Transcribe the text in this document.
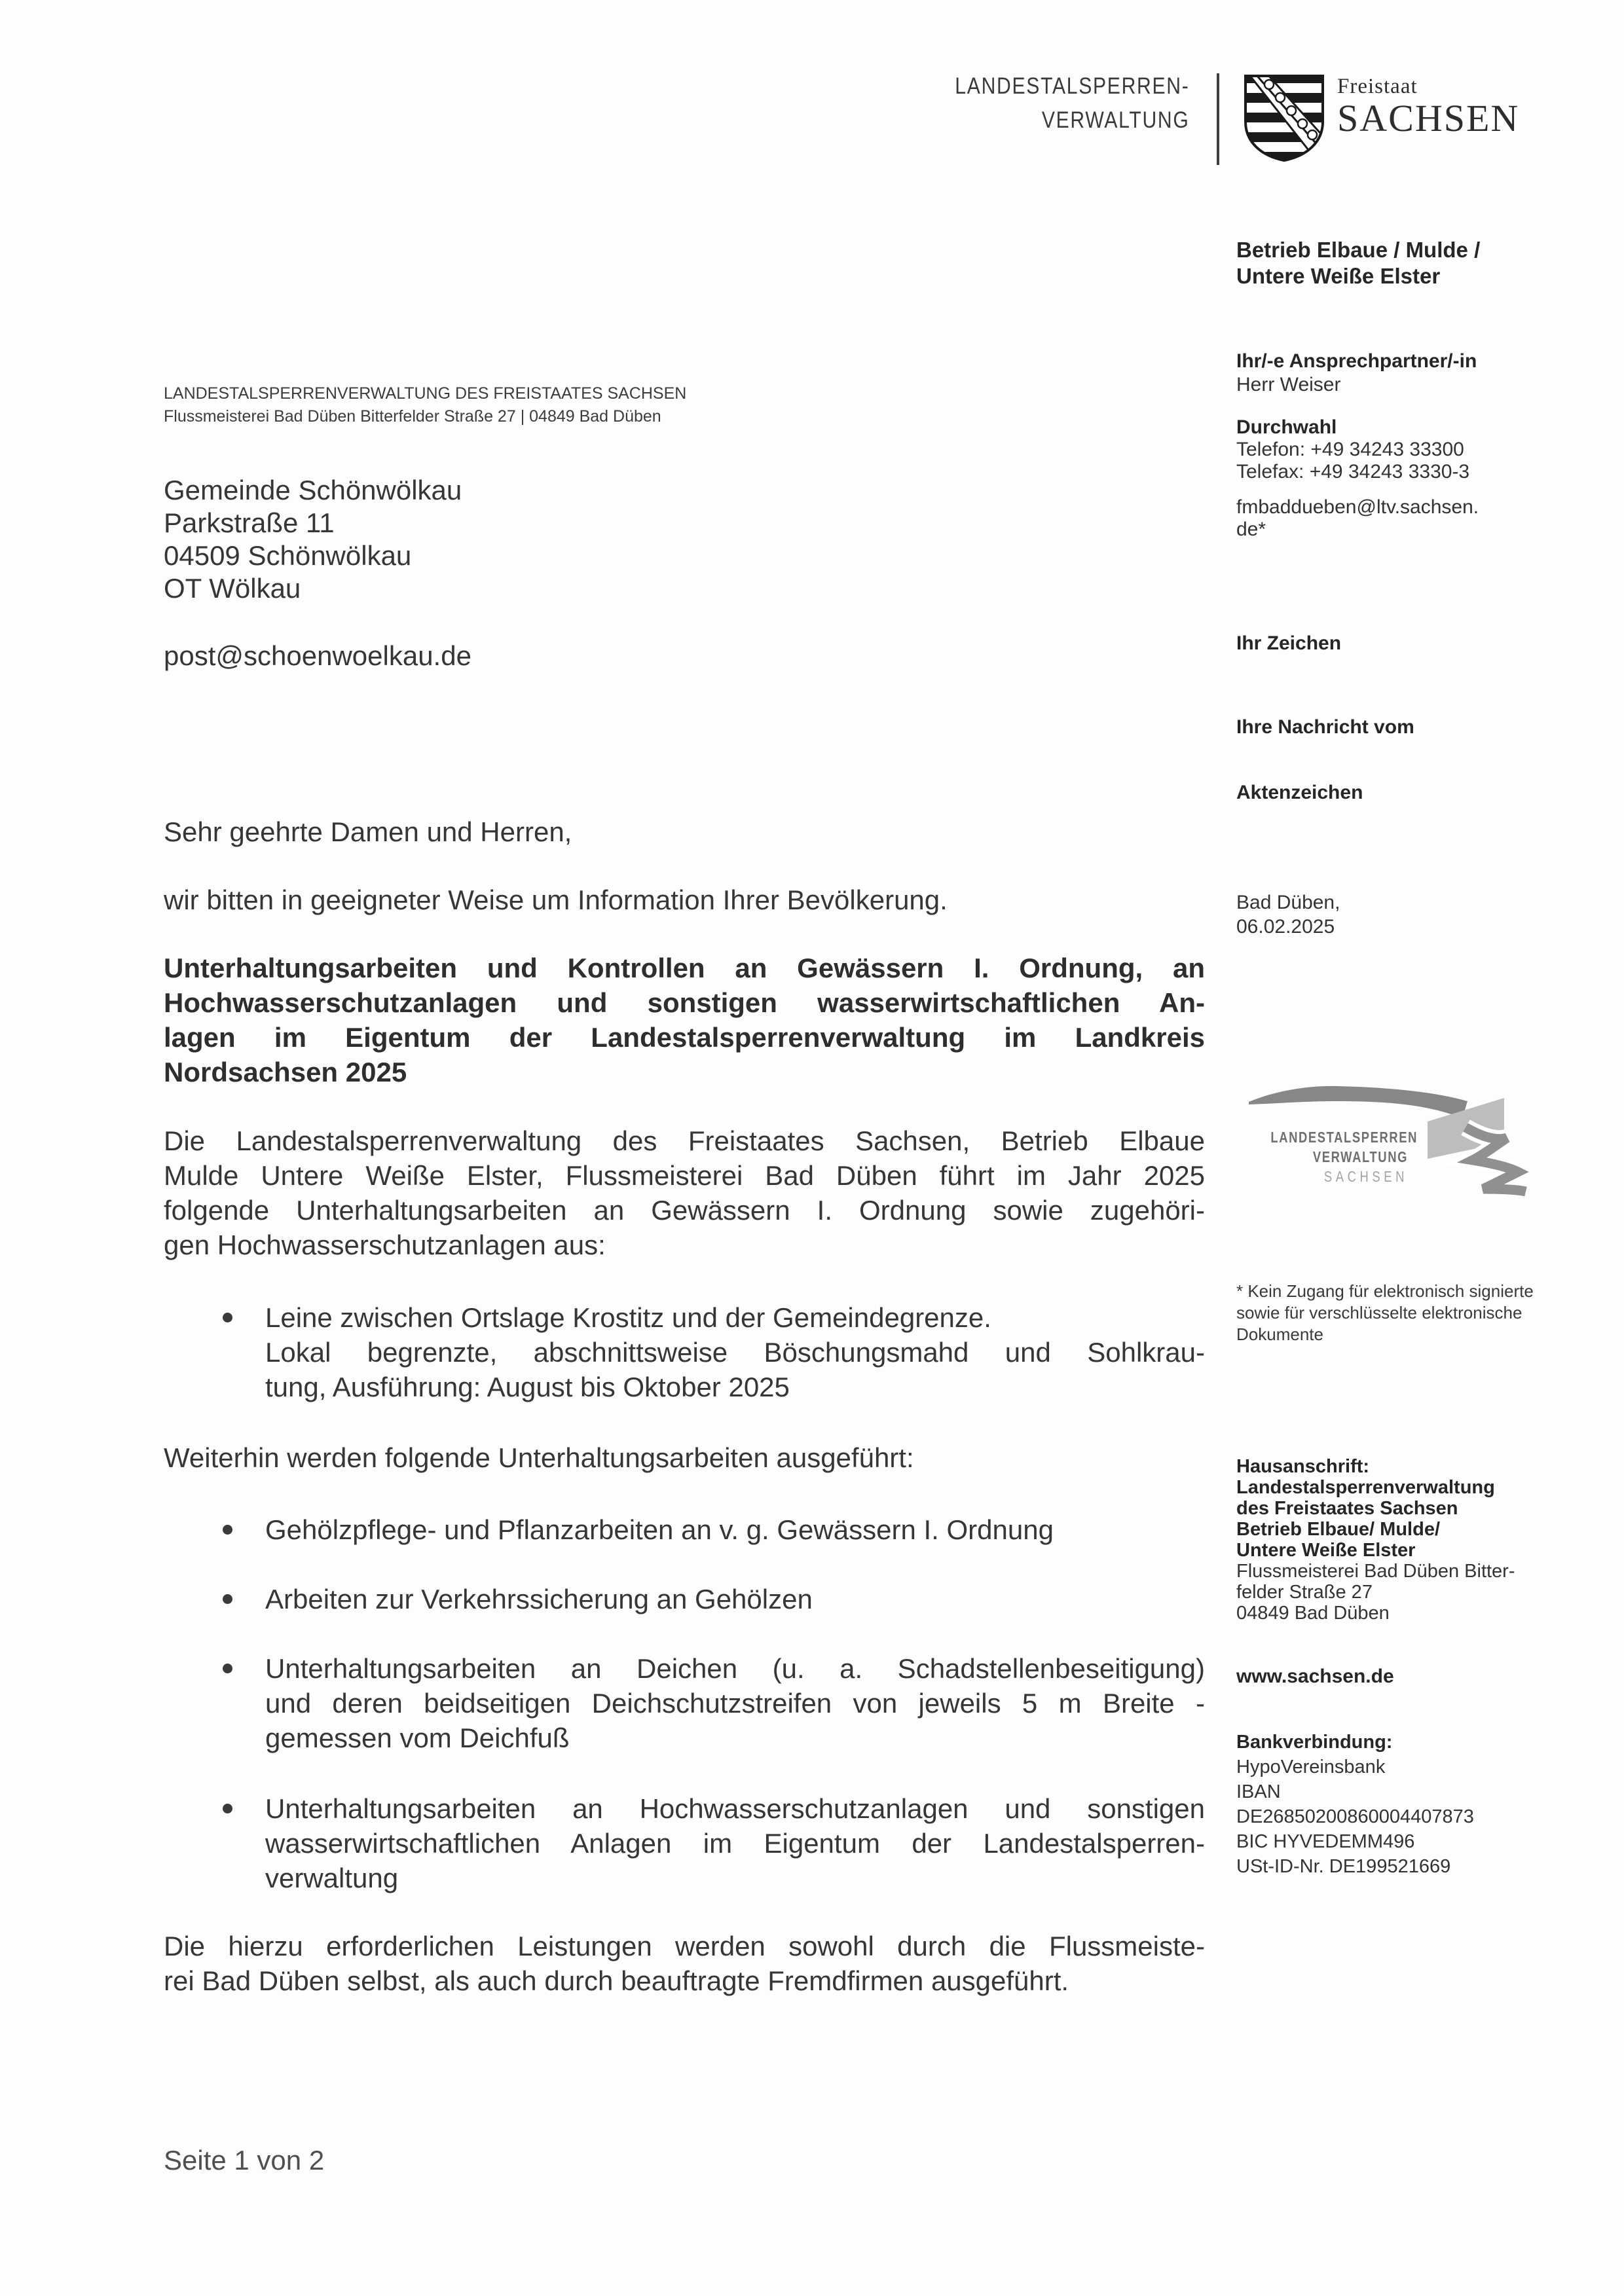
LANDESTALSPERREN-
VERWALTUNG
Freistaat
SACHSEN
Betrieb Elbaue / Mulde /
Untere Weiße Elster
Ihr/-e Ansprechpartner/-in
Herr Weiser
Durchwahl
Telefon: +49 34243 33300
Telefax: +49 34243 3330-3
fmbaddueben@ltv.sachsen.
de*
Ihr Zeichen
Ihre Nachricht vom
Aktenzeichen
Bad Düben,
06.02.2025
LANDESTALSPERREN
VERWALTUNG
SACHSEN
* Kein Zugang für elektronisch signierte
sowie für verschlüsselte elektronische
Dokumente
Hausanschrift:
Landestalsperrenverwaltung
des Freistaates Sachsen
Betrieb Elbaue/ Mulde/
Untere Weiße Elster
Flussmeisterei Bad Düben Bitter-
felder Straße 27
04849 Bad Düben
www.sachsen.de
Bankverbindung:
HypoVereinsbank
IBAN
DE26850200860004407873
BIC HYVEDEMM496
USt-ID-Nr. DE199521669
LANDESTALSPERRENVERWALTUNG DES FREISTAATES SACHSEN
Flussmeisterei Bad Düben Bitterfelder Straße 27 | 04849 Bad Düben
Gemeinde Schönwölkau
Parkstraße 11
04509 Schönwölkau
OT Wölkau
post@schoenwoelkau.de
Sehr geehrte Damen und Herren,
wir bitten in geeigneter Weise um Information Ihrer Bevölkerung.
Unterhaltungsarbeiten und Kontrollen an Gewässern I. Ordnung, an
Hochwasserschutzanlagen und sonstigen wasserwirtschaftlichen An-
lagen im Eigentum der Landestalsperrenverwaltung im Landkreis
Nordsachsen 2025
Die Landestalsperrenverwaltung des Freistaates Sachsen, Betrieb Elbaue
Mulde Untere Weiße Elster, Flussmeisterei Bad Düben führt im Jahr 2025
folgende Unterhaltungsarbeiten an Gewässern I. Ordnung sowie zugehöri-
gen Hochwasserschutzanlagen aus:
Leine zwischen Ortslage Krostitz und der Gemeindegrenze.
Lokal begrenzte, abschnittsweise Böschungsmahd und Sohlkrau-
tung, Ausführung: August bis Oktober 2025
Weiterhin werden folgende Unterhaltungsarbeiten ausgeführt:
Gehölzpflege- und Pflanzarbeiten an v. g. Gewässern I. Ordnung
Arbeiten zur Verkehrssicherung an Gehölzen
Unterhaltungsarbeiten an Deichen (u. a. Schadstellenbeseitigung)
und deren beidseitigen Deichschutzstreifen von jeweils 5 m Breite -
gemessen vom Deichfuß
Unterhaltungsarbeiten an Hochwasserschutzanlagen und sonstigen
wasserwirtschaftlichen Anlagen im Eigentum der Landestalsperren-
verwaltung
Die hierzu erforderlichen Leistungen werden sowohl durch die Flussmeiste-
rei Bad Düben selbst, als auch durch beauftragte Fremdfirmen ausgeführt.
Seite 1 von 2
